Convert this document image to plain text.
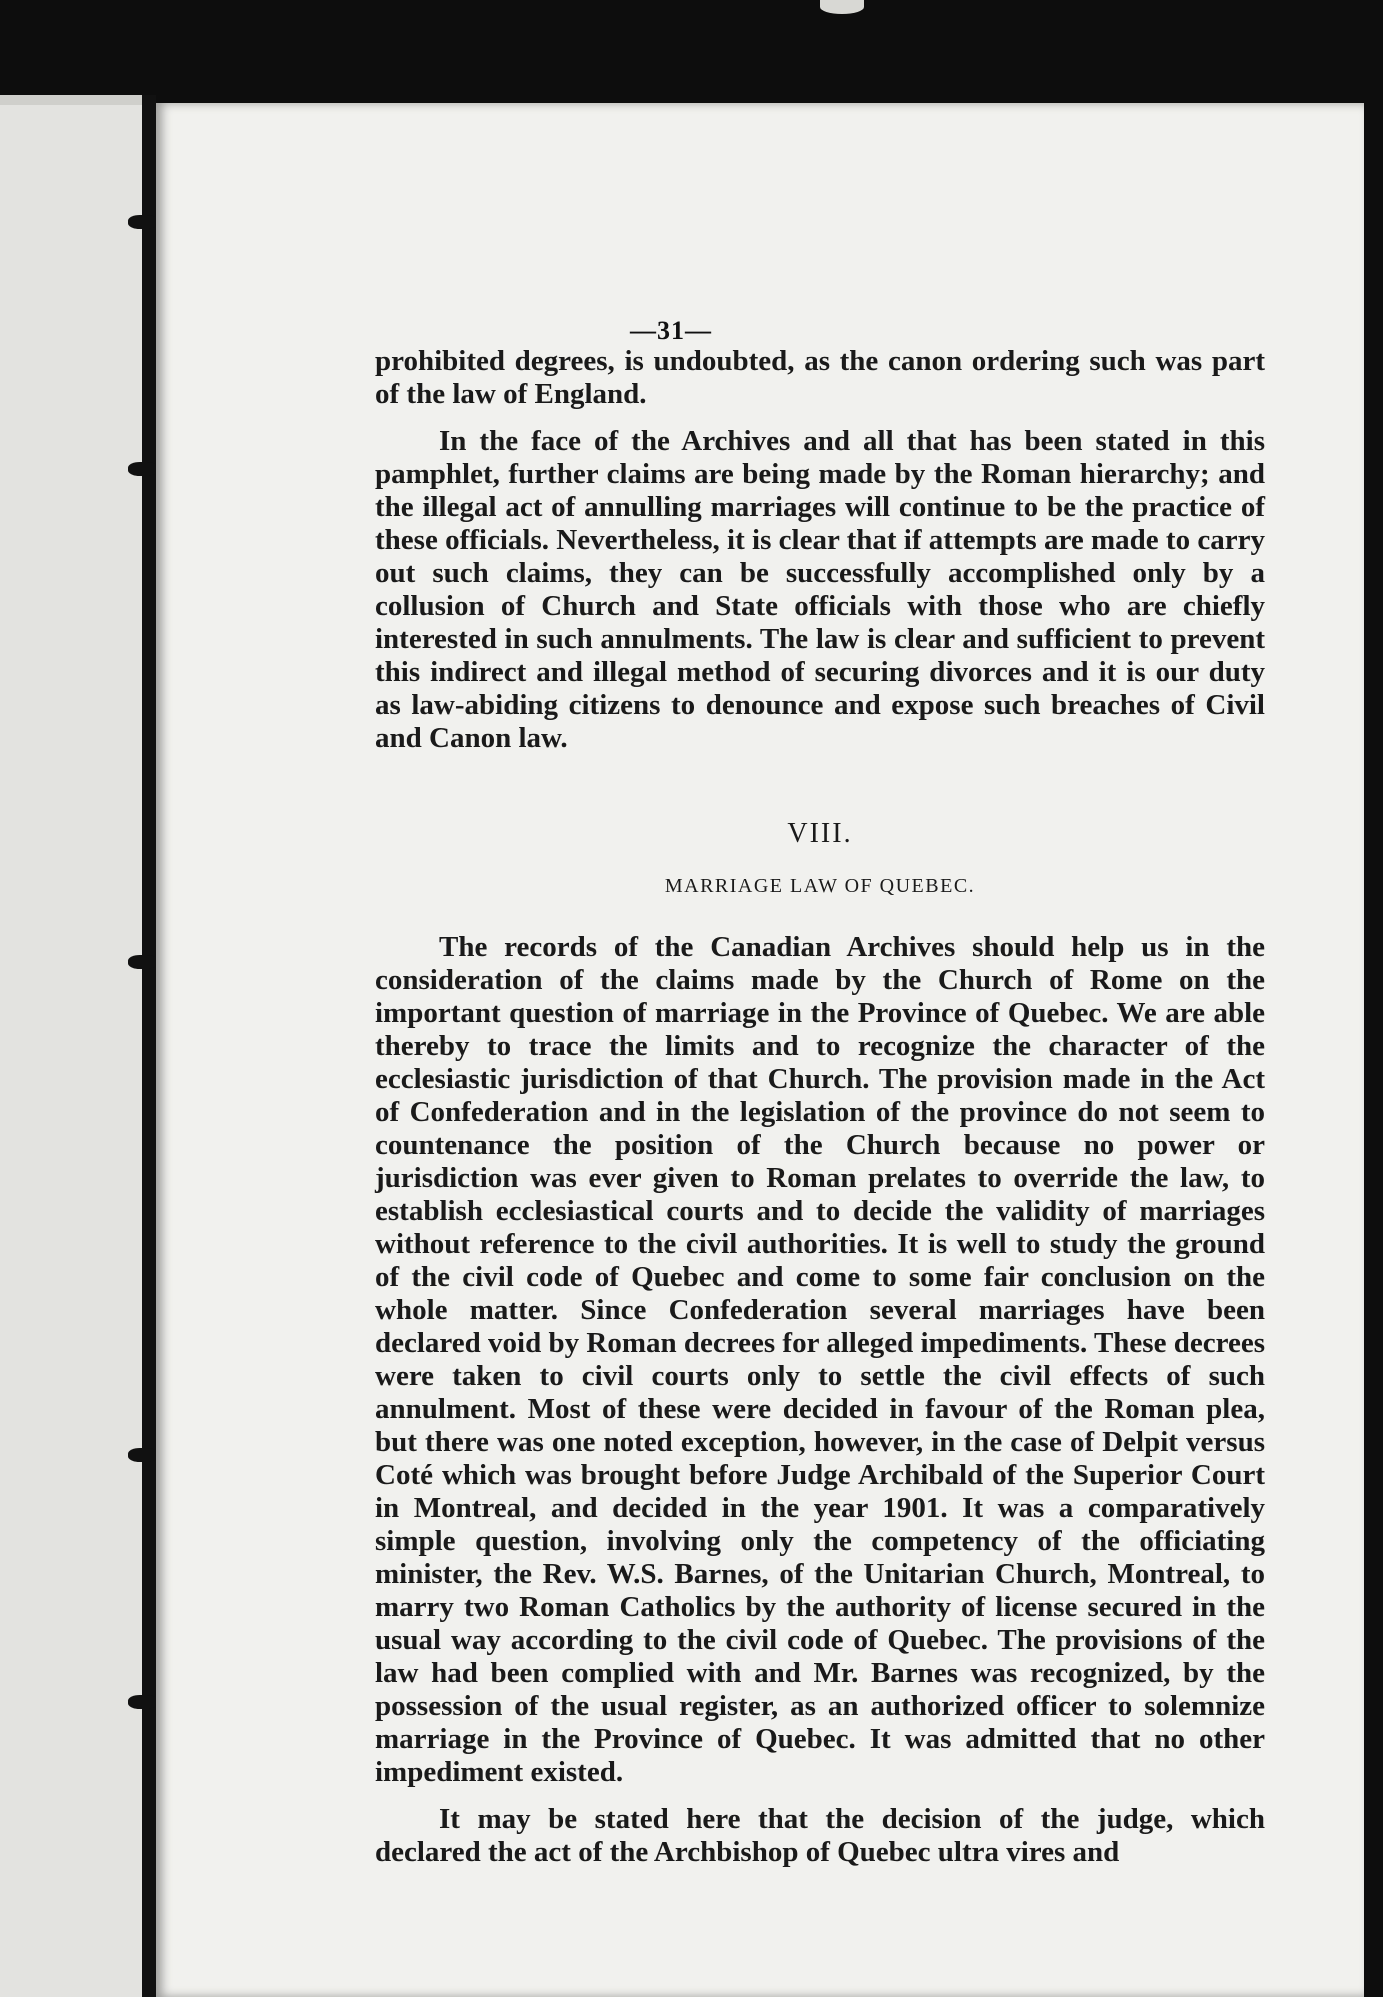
—31—

prohibited degrees, is undoubted, as the canon ordering such was part of the law of England.

In the face of the Archives and all that has been stated in this pamphlet, further claims are being made by the Roman hierarchy; and the illegal act of annulling marriages will continue to be the practice of these officials. Nevertheless, it is clear that if attempts are made to carry out such claims, they can be successfully accomplished only by a collusion of Church and State officials with those who are chiefly interested in such annulments. The law is clear and sufficient to prevent this indirect and illegal method of securing divorces and it is our duty as law-abiding citizens to denounce and expose such breaches of Civil and Canon law.

VIII.
MARRIAGE LAW OF QUEBEC.

The records of the Canadian Archives should help us in the consideration of the claims made by the Church of Rome on the important question of marriage in the Province of Quebec. We are able thereby to trace the limits and to recognize the character of the ecclesiastic jurisdiction of that Church. The provision made in the Act of Confederation and in the legislation of the province do not seem to countenance the position of the Church because no power or jurisdiction was ever given to Roman prelates to override the law, to establish ecclesiastical courts and to decide the validity of marriages without reference to the civil authorities. It is well to study the ground of the civil code of Quebec and come to some fair conclusion on the whole matter. Since Confederation several marriages have been declared void by Roman decrees for alleged impediments. These decrees were taken to civil courts only to settle the civil effects of such annulment. Most of these were decided in favour of the Roman plea, but there was one noted exception, however, in the case of Delpit versus Coté which was brought before Judge Archibald of the Superior Court in Montreal, and decided in the year 1901. It was a comparatively simple question, involving only the competency of the officiating minister, the Rev. W.S. Barnes, of the Unitarian Church, Montreal, to marry two Roman Catholics by the authority of license secured in the usual way according to the civil code of Quebec. The provisions of the law had been complied with and Mr. Barnes was recognized, by the possession of the usual register, as an authorized officer to solemnize marriage in the Province of Quebec. It was admitted that no other impediment existed.

It may be stated here that the decision of the judge, which declared the act of the Archbishop of Quebec ultra vires and
